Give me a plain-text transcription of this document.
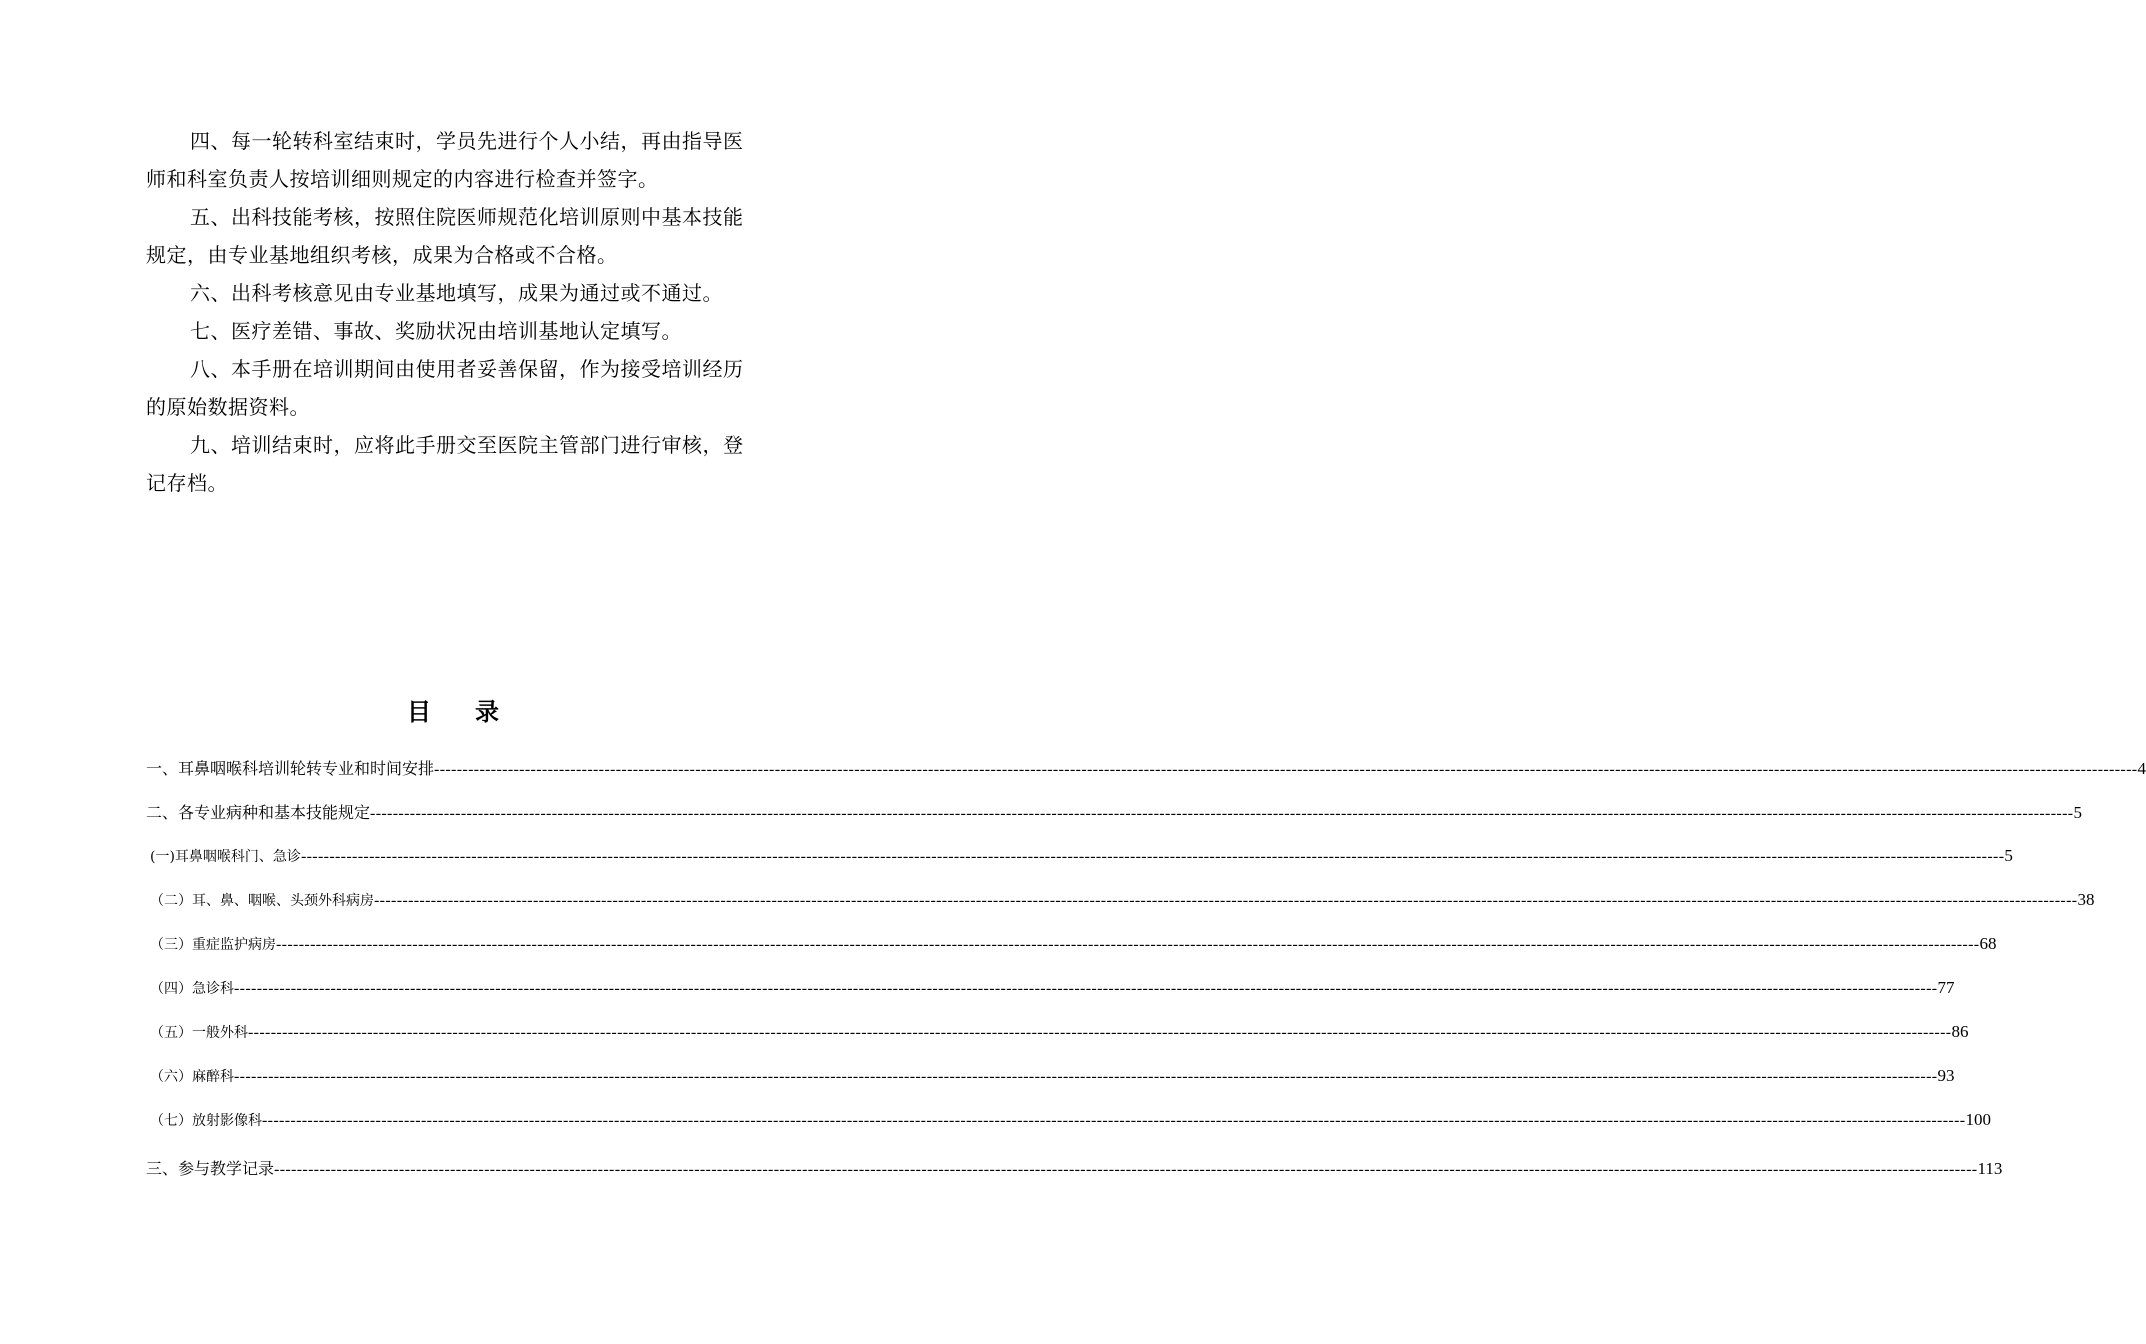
四、每一轮转科室结束时，学员先进行个人小结，再由指导医
师和科室负责人按培训细则规定的内容进行检查并签字。
五、出科技能考核，按照住院医师规范化培训原则中基本技能
规定，由专业基地组织考核，成果为合格或不合格。
六、出科考核意见由专业基地填写，成果为通过或不通过。
七、医疗差错、事故、奖励状况由培训基地认定填写。
八、本手册在培训期间由使用者妥善保留，作为接受培训经历
的原始数据资料。
九、培训结束时，应将此手册交至医院主管部门进行审核，登
记存档。
目录
一、耳鼻咽喉科培训轮转专业和时间安排 ------------------------------------------------------------------------------------------------------------------------------------------------------------------------------------------------------------------------------------------------------------------------------------------------------------ 4
二、各专业病种和基本技能规定 ------------------------------------------------------------------------------------------------------------------------------------------------------------------------------------------------------------------------------------------------------------------------------------------------------------ 5
(一)耳鼻咽喉科门、急诊 ------------------------------------------------------------------------------------------------------------------------------------------------------------------------------------------------------------------------------------------------------------------------------------------------------------ 5
（二）耳、鼻、咽喉、头颈外科病房 ------------------------------------------------------------------------------------------------------------------------------------------------------------------------------------------------------------------------------------------------------------------------------------------------------------ 38
（三）重症监护病房 ------------------------------------------------------------------------------------------------------------------------------------------------------------------------------------------------------------------------------------------------------------------------------------------------------------ 68
（四）急诊科 ------------------------------------------------------------------------------------------------------------------------------------------------------------------------------------------------------------------------------------------------------------------------------------------------------------ 77
（五）一般外科 ------------------------------------------------------------------------------------------------------------------------------------------------------------------------------------------------------------------------------------------------------------------------------------------------------------ 86
（六）麻醉科 ------------------------------------------------------------------------------------------------------------------------------------------------------------------------------------------------------------------------------------------------------------------------------------------------------------ 93
（七）放射影像科 ------------------------------------------------------------------------------------------------------------------------------------------------------------------------------------------------------------------------------------------------------------------------------------------------------------ 100
三、参与教学记录 ------------------------------------------------------------------------------------------------------------------------------------------------------------------------------------------------------------------------------------------------------------------------------------------------------------ 113
